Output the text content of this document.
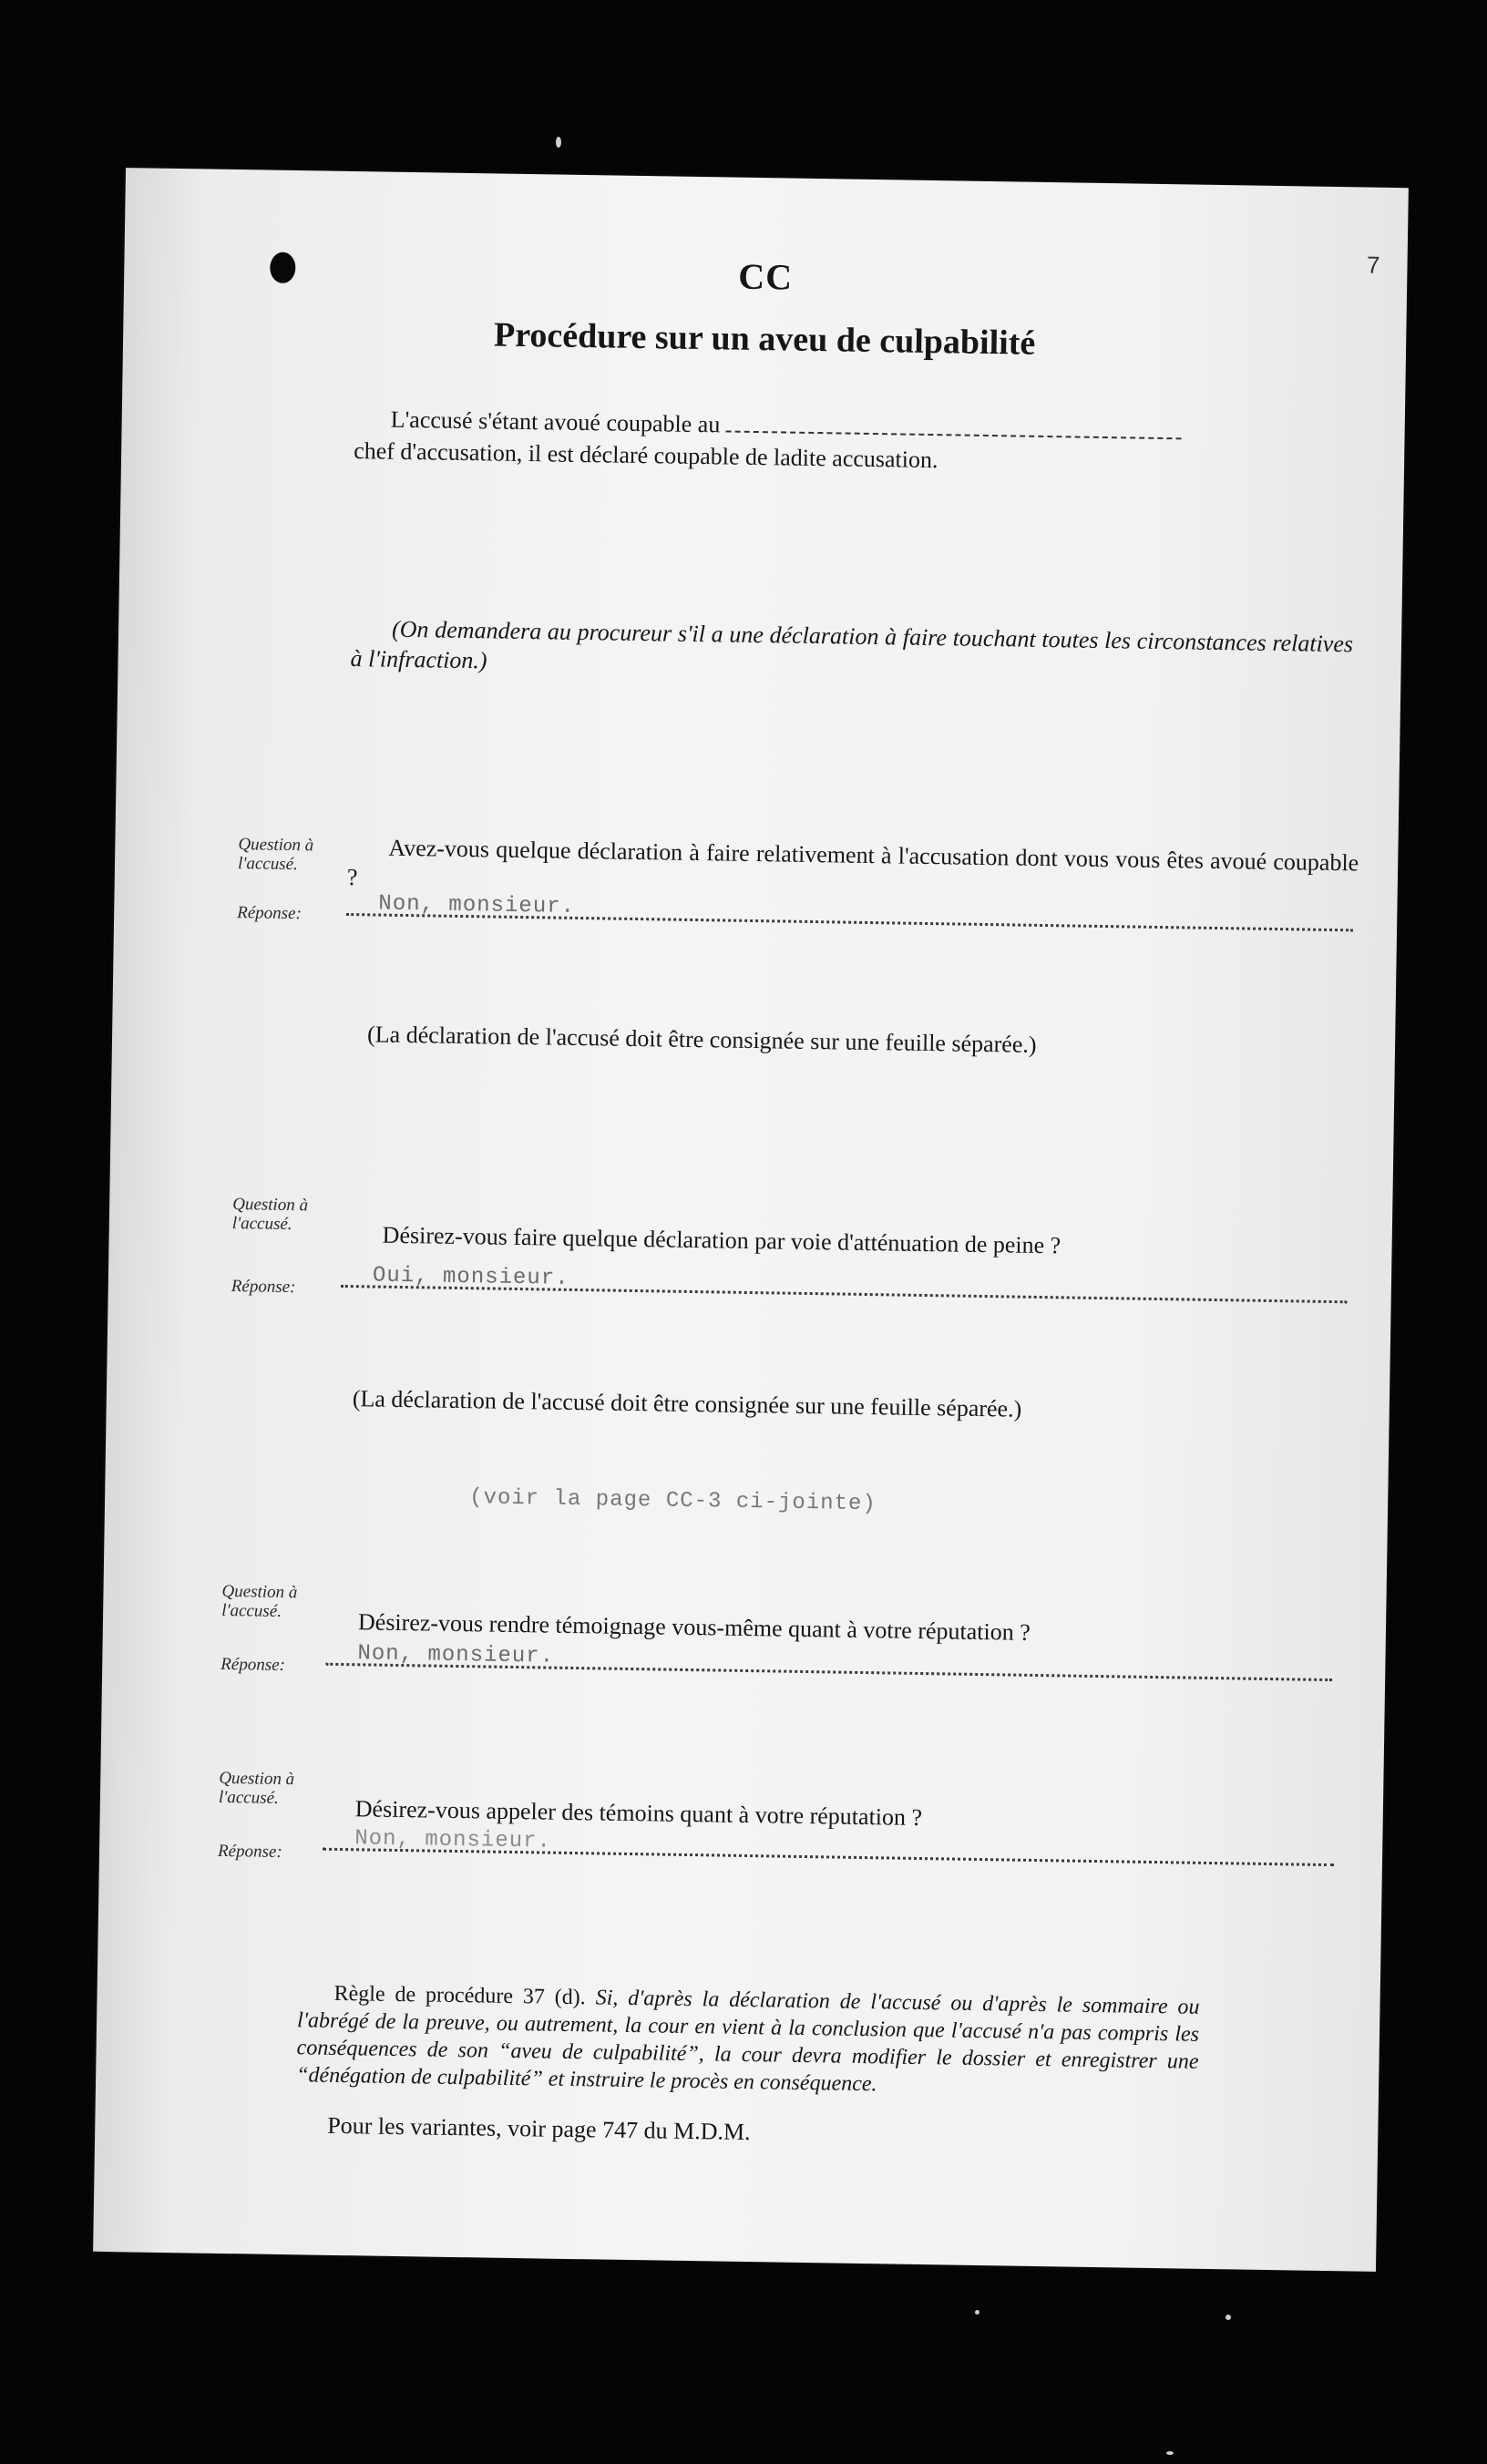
7
CC
Procédure sur un aveu de culpabilité
L'accusé s'étant avoué coupable au
chef d'accusation, il est déclaré coupable de ladite accusation.
(On demandera au procureur s'il a une déclaration à faire touchant toutes les circonstances relatives à l'infraction.)
Question à l'accusé.	Avez-vous quelque déclaration à faire relativement à l'accusation dont vous vous êtes avoué coupable ?
Réponse:	Non, monsieur.
(La déclaration de l'accusé doit être consignée sur une feuille séparée.)
Question à l'accusé.	Désirez-vous faire quelque déclaration par voie d'atténuation de peine ?
Réponse:	Oui, monsieur.
(La déclaration de l'accusé doit être consignée sur une feuille séparée.)
(voir la page CC-3 ci-jointe)
Question à l'accusé.	Désirez-vous rendre témoignage vous-même quant à votre réputation ?
Réponse:	Non, monsieur.
Question à l'accusé.	Désirez-vous appeler des témoins quant à votre réputation ?
Réponse:	Non, monsieur.
Règle de procédure 37 (d). Si, d'après la déclaration de l'accusé ou d'après le sommaire ou l'abrégé de la preuve, ou autrement, la cour en vient à la conclusion que l'accusé n'a pas compris les conséquences de son “aveu de culpabilité”, la cour devra modifier le dossier et enregistrer une “dénégation de culpabilité” et instruire le procès en conséquence.
Pour les variantes, voir page 747 du M.D.M.
